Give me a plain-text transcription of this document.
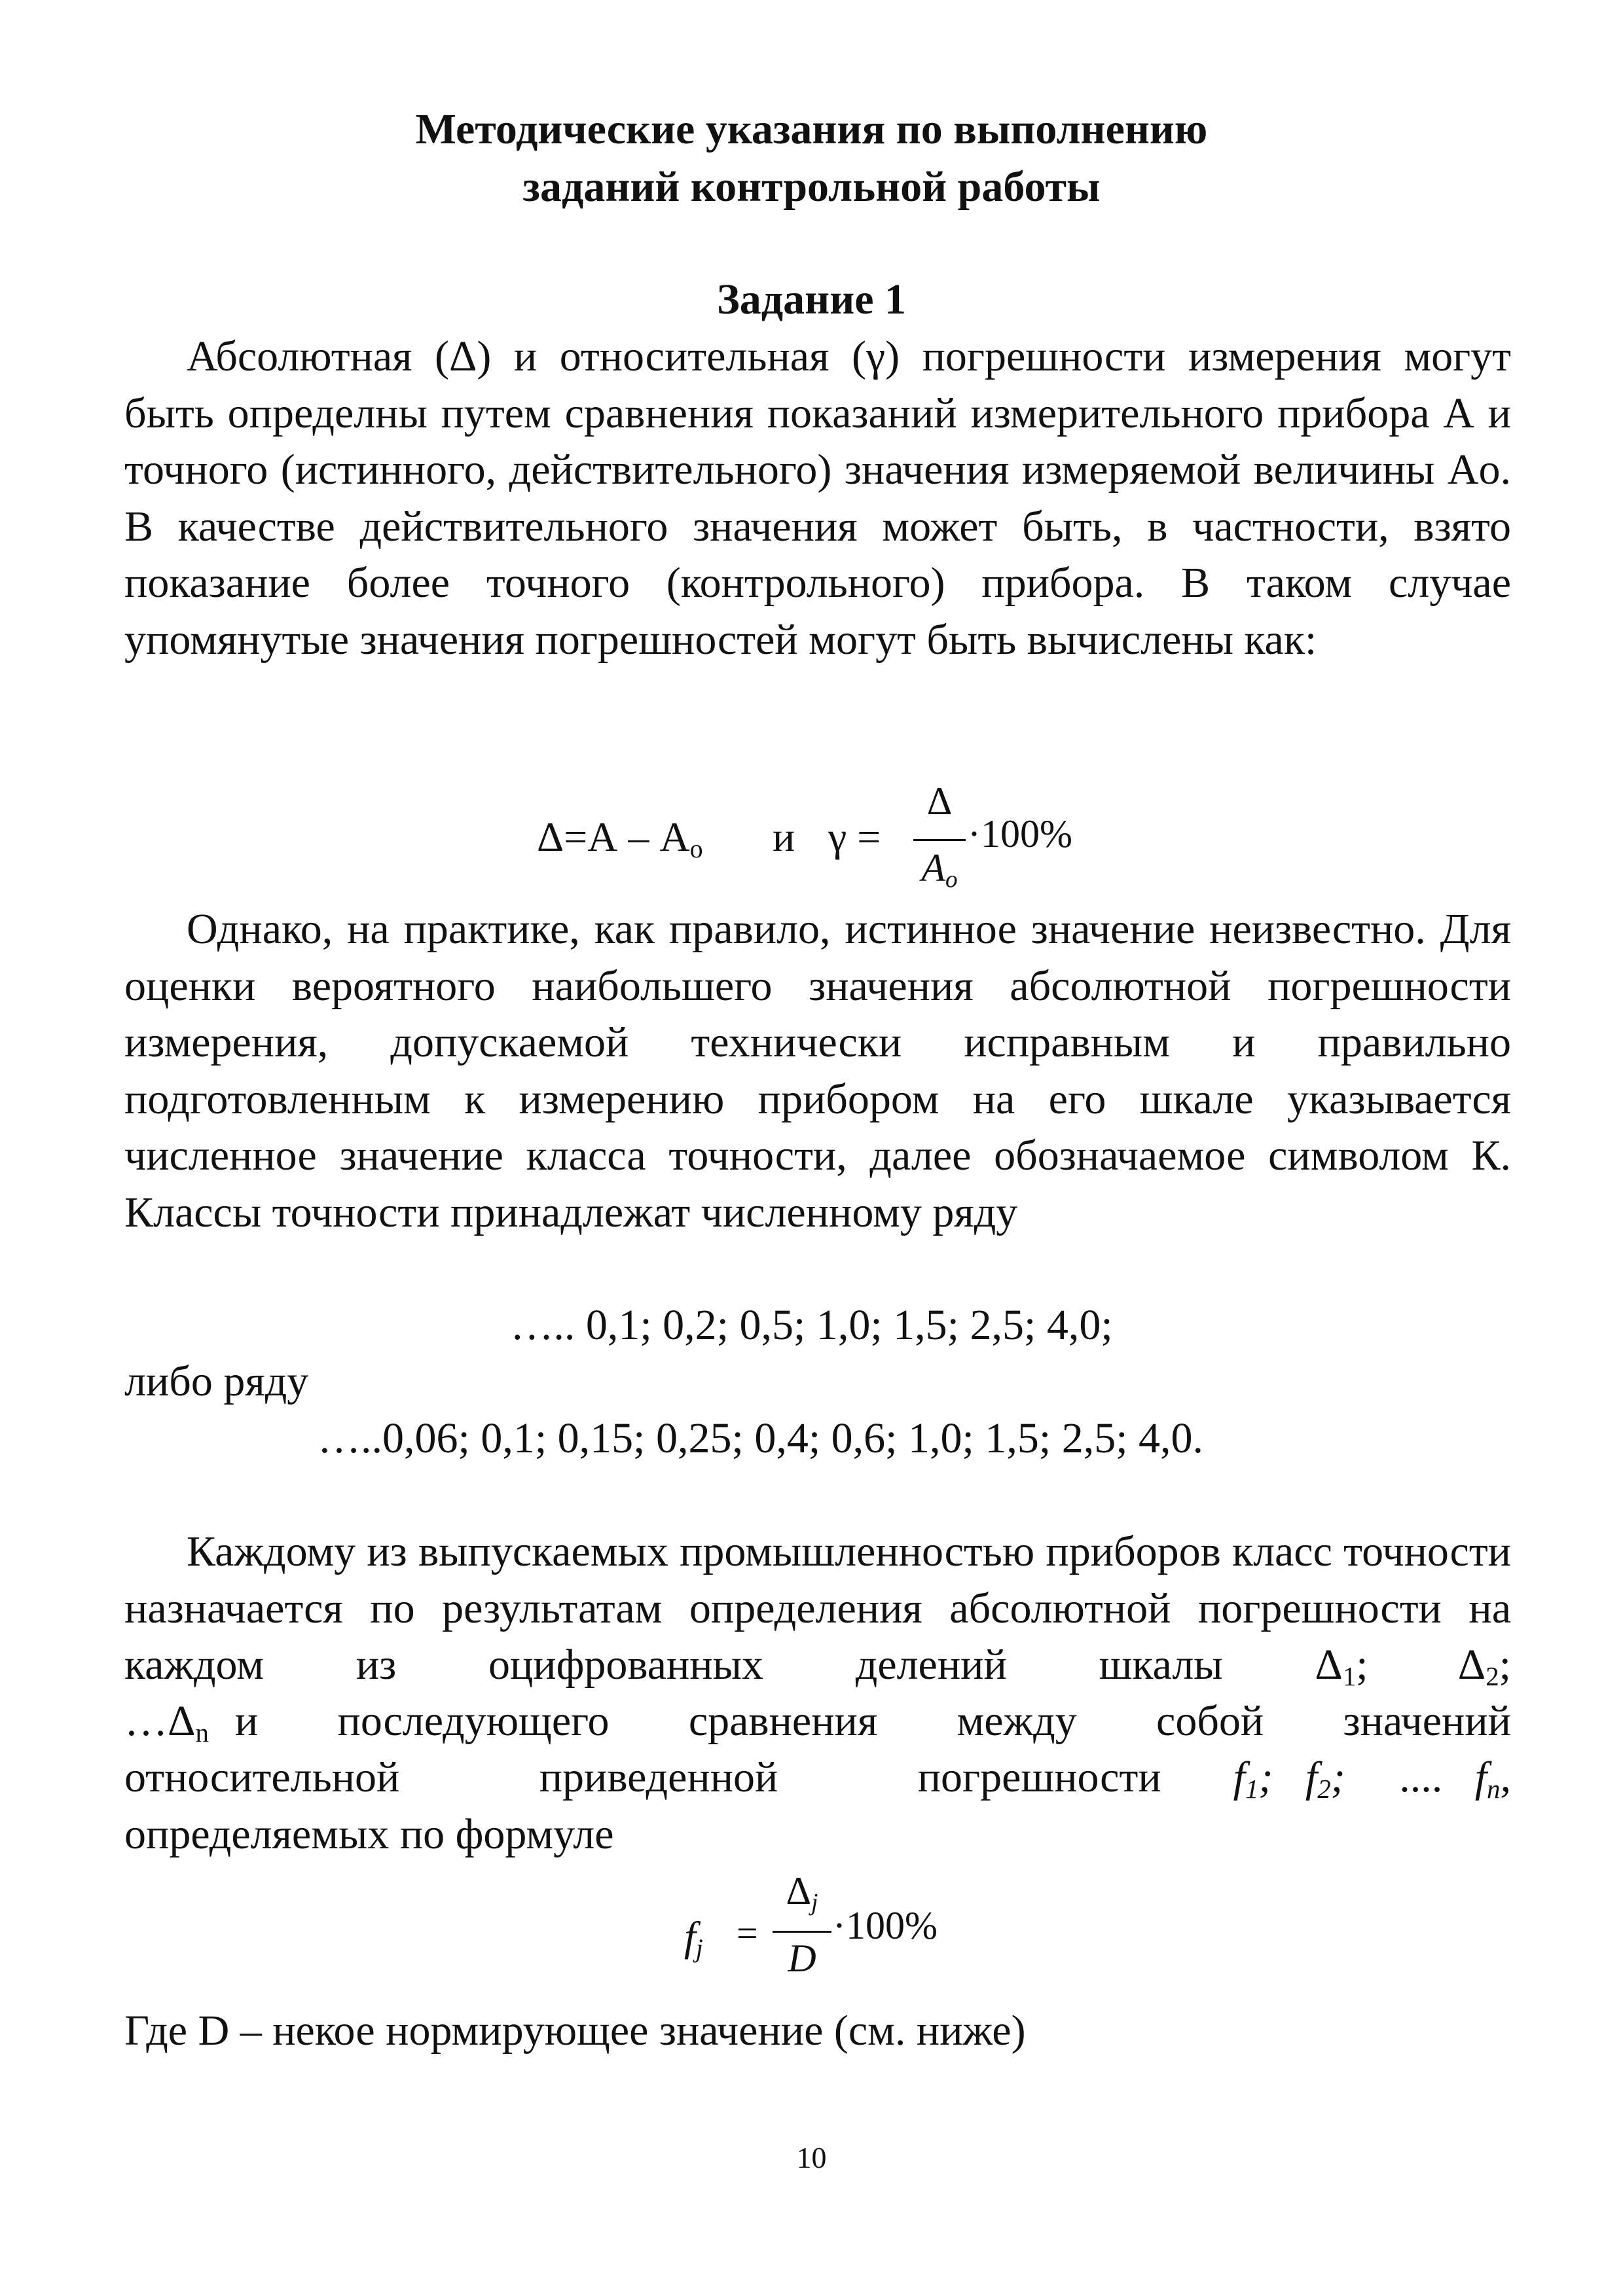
Методические указания по выполнению
заданий контрольной работы
Задание 1
Абсолютная (Δ) и относительная (γ) погрешности измерения могут быть определны путем сравнения показаний измерительного прибора А и точного (истинного, действительного) значения измеряемой величины Ao. В качестве действительного значения может быть, в частности, взято показание более точного (контрольного) прибора. В таком случае упомянутые значения погрешностей могут быть вычислены как:
$\Delta=А - А_o$ и γ =
Δ
$A_o$
·100%
Однако, на практике, как правило, истинное значение неизвестно. Для оценки вероятного наибольшего значения абсолютной погрешности измерения, допускаемой технически исправным и правильно подготовленным к измерению прибором на его шкале указывается численное значение класса точности, далее обозначаемое символом К. Классы точности принадлежат численному ряду
….. 0,1; 0,2; 0,5; 1,0; 1,5; 2,5; 4,0;
либо ряду
…..0,06; 0,1; 0,15; 0,25; 0,4; 0,6; 1,0; 1,5; 2,5; 4,0.
Каждому из выпускаемых промышленностью приборов класс точности назначается по результатам определения абсолютной погрешности на каждом из оцифрованных делений шкалы $\Delta_1$; $\Delta_2$;
… $\Delta_n$ и последующего сравнения между собой значений
относительной приведенной погрешности $f_1$;   $f_2$;     .... $f_n$,
определяемых по формуле
$f_j$ =
$\Delta_j$
D
·100%
Где D – некое нормирующее значение (см. ниже)
10
